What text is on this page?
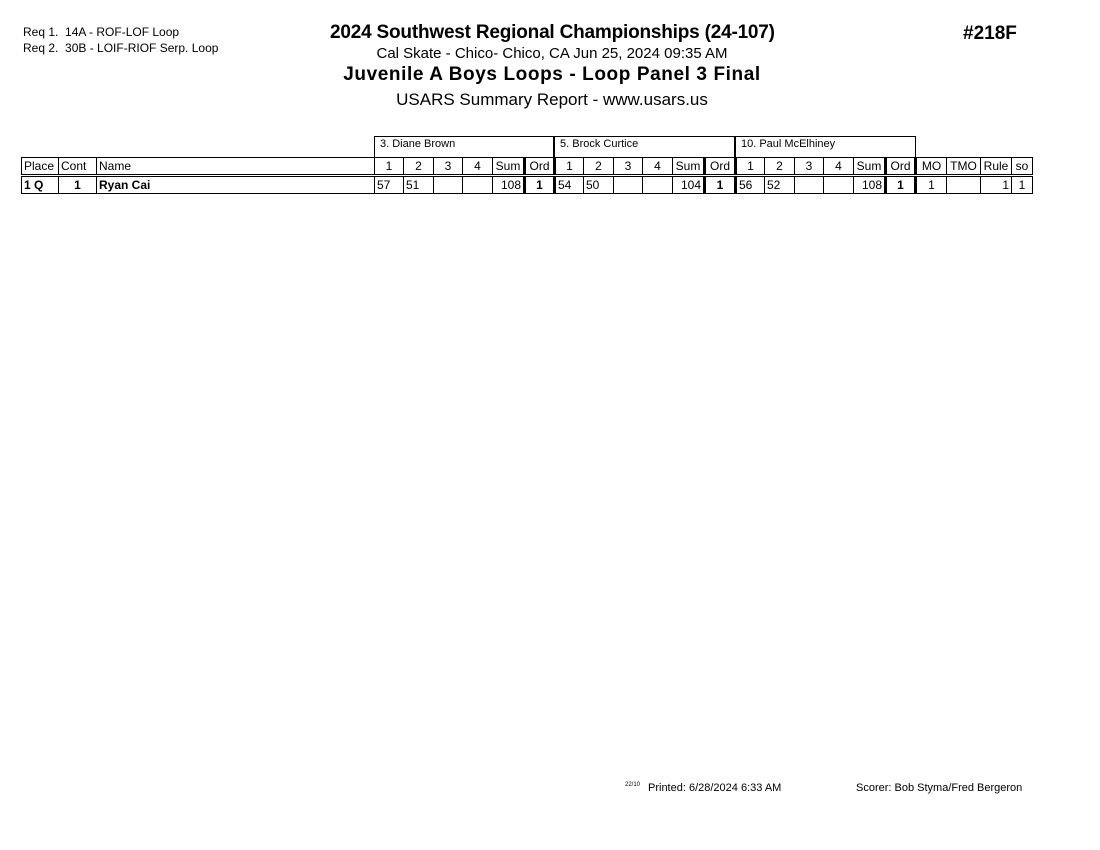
Req 1. 14A - ROF-LOF Loop
Req 2. 30B - LOIF-RIOF Serp. Loop
2024 Southwest Regional Championships (24-107)
Cal Skate - Chico- Chico, CA Jun 25, 2024 09:35 AM
Juvenile A Boys Loops - Loop Panel 3 Final
USARS Summary Report - www.usars.us
#218F
3. Diane Brown	5. Brock Curtice	10. Paul McElhiney
Place	Cont	Name	1	2	3	4	Sum	Ord	1	2	3	4	Sum	Ord	1	2	3	4	Sum	Ord	MO	TMO	Rule	so
1 Q	1	Ryan Cai	57	51			108	1	54	50			104	1	56	52			108	1	1		1	1
22/10 Printed: 6/28/2024 6:33 AM	Scorer: Bob Styma/Fred Bergeron
